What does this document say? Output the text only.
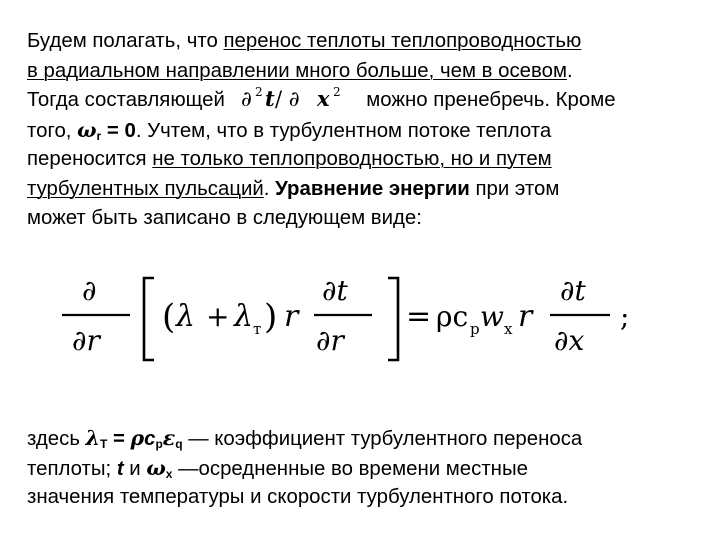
Будем полагать, что перенос теплоты теплопроводностью
в радиальном направлении много больше, чем в осевом.
Тогда составляющей ∂ 2 t / ∂ x 2 можно пренебречь. Кроме
того, $\omega_r = 0$. Учтем, что в турбулентном потоке теплота
переносится не только теплопроводностью, но и путем
турбулентных пульсаций. Уравнение энергии при этом
может быть записано в следующем виде:
∂
∂r
( λ + λ т ) r
∂t
∂r
= ρc p w x r
∂t
∂x
;
здесь $\lambda_T = \rho c_p\varepsilon_q$ — коэффициент турбулентного переноса
теплоты; t и $\omega_x$ —осредненные во времени местные
значения температуры и скорости турбулентного потока.
